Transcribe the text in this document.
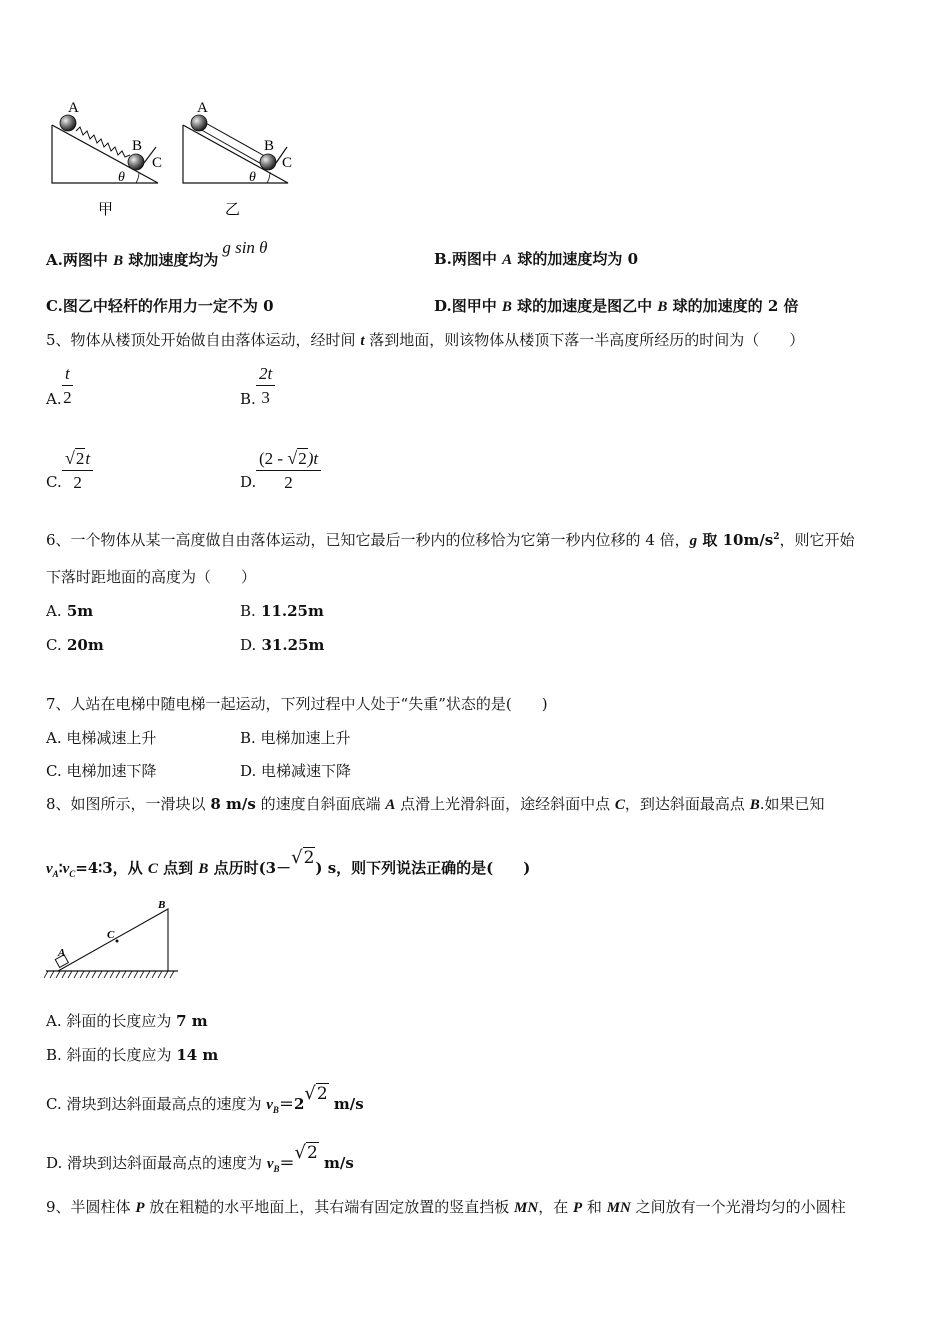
A
B
C
θ
甲
A
B
C
θ
乙
A.两图中 B 球加速度均为g sin θ
B.两图中 A 球的加速度均为 0
C.图乙中轻杆的作用力一定不为 0	D.图甲中 B 球的加速度是图乙中 B 球的加速度的 2 倍
5、物体从楼顶处开始做自由落体运动，经时间 t 落到地面，则该物体从楼顶下落一半高度所经历的时间为（　　）
A. $\frac{t}{2}$	B. $\frac{2t}{3}$
C. $\frac{√2t}{2}$	D. $\frac{(2 - √2)t}{2}$
6、一个物体从某一高度做自由落体运动，已知它最后一秒内的位移恰为它第一秒内位移的 4 倍，g 取 $10m/s^2$，则它开始
下落时距地面的高度为（　　）
A. 5m	B. 11.25m
C. 20m	D. 31.25m
7、人站在电梯中随电梯一起运动，下列过程中人处于“失重”状态的是(　　)
A. 电梯减速上升	B. 电梯加速上升
C. 电梯加速下降	D. 电梯减速下降
8、如图所示，一滑块以 8 m/s 的速度自斜面底端 A 点滑上光滑斜面，途经斜面中点 C，到达斜面最高点 B.如果已知
$v_A∶v_C=4∶3$，从 C 点到 B 点历时(3－√2) s，则下列说法正确的是(　　)
A
C
B
A. 斜面的长度应为 7 m
B. 斜面的长度应为 14 m
C. 滑块到达斜面最高点的速度为 $v_B=2√2$ m/s
D. 滑块到达斜面最高点的速度为 $v_B=√2$ m/s
9、半圆柱体 P 放在粗糙的水平地面上，其右端有固定放置的竖直挡板 MN，在 P 和 MN 之间放有一个光滑均匀的小圆柱
